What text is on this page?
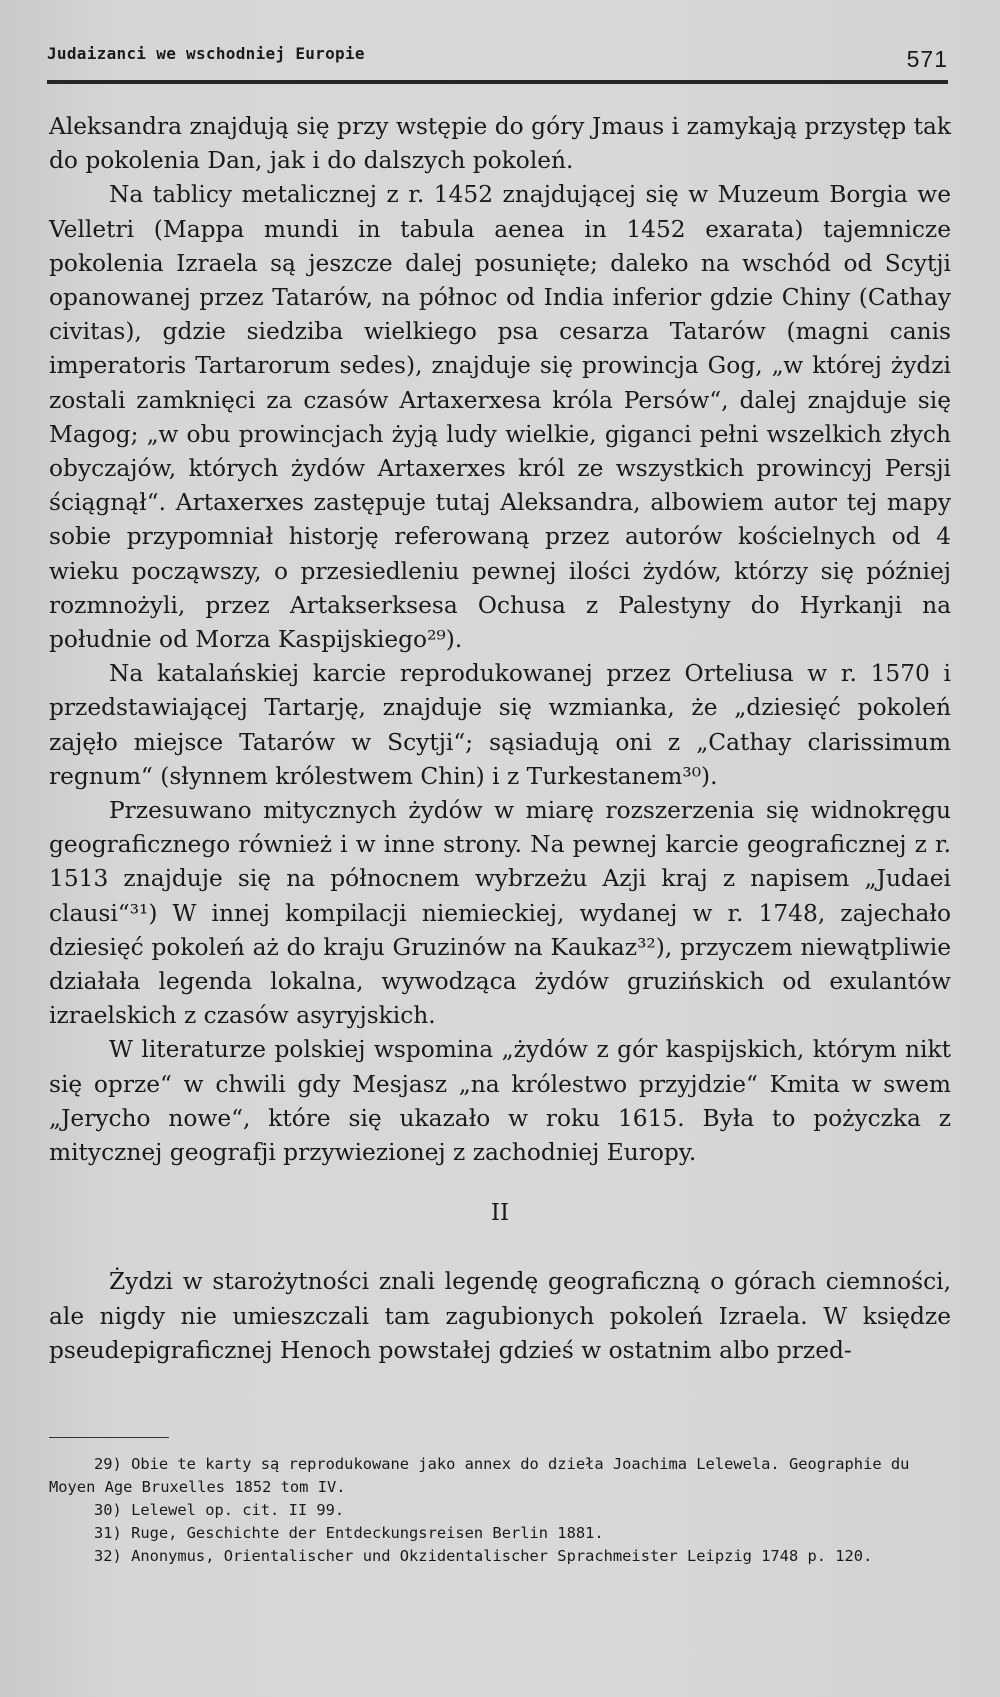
Judaizanci we wschodniej Europie	571

Aleksandra znajdują się przy wstępie do góry Jmaus i zamykają przystęp tak do pokolenia Dan, jak i do dalszych pokoleń.

Na tablicy metalicznej z r. 1452 znajdującej się w Muzeum Borgia we Velletri (Mappa mundi in tabula aenea in 1452 exarata) tajemnicze pokolenia Izraela są jeszcze dalej posunięte; daleko na wschód od Scytji opanowanej przez Tatarów, na północ od India inferior gdzie Chiny (Cathay civitas), gdzie siedziba wielkiego psa cesarza Tatarów (magni canis imperatoris Tartarorum sedes), znajduje się prowincja Gog, „w której żydzi zostali zamknięci za czasów Artaxerxesa króla Persów“, dalej znajduje się Magog; „w obu prowincjach żyją ludy wielkie, giganci pełni wszelkich złych obyczajów, których żydów Artaxerxes król ze wszystkich prowincyj Persji ściągnął“. Artaxerxes zastępuje tutaj Aleksandra, albowiem autor tej mapy sobie przypomniał historję referowaną przez autorów kościelnych od 4 wieku począwszy, o przesiedleniu pewnej ilości żydów, którzy się później rozmnożyli, przez Artakserksesa Ochusa z Palestyny do Hyrkanji na południe od Morza Kaspijskiego²⁹).

Na katalańskiej karcie reprodukowanej przez Orteliusa w r. 1570 i przedstawiającej Tartarję, znajduje się wzmianka, że „dziesięć pokoleń zajęło miejsce Tatarów w Scytji“; sąsiadują oni z „Cathay clarissimum regnum“ (słynnem królestwem Chin) i z Turkestanem³⁰).

Przesuwano mitycznych żydów w miarę rozszerzenia się widnokręgu geograficznego również i w inne strony. Na pewnej karcie geograficznej z r. 1513 znajduje się na północnem wybrzeżu Azji kraj z napisem „Judaei clausi“³¹) W innej kompilacji niemieckiej, wydanej w r. 1748, zajechało dziesięć pokoleń aż do kraju Gruzinów na Kaukaz³²), przyczem niewątpliwie działała legenda lokalna, wywodząca żydów gruzińskich od exulantów izraelskich z czasów asyryjskich.

W literaturze polskiej wspomina „żydów z gór kaspijskich, którym nikt się oprze“ w chwili gdy Mesjasz „na królestwo przyjdzie“ Kmita w swem „Jerycho nowe“, które się ukazało w roku 1615. Była to pożyczka z mitycznej geografji przywiezionej z zachodniej Europy.

II

Żydzi w starożytności znali legendę geograficzną o górach ciemności, ale nigdy nie umieszczali tam zagubionych pokoleń Izraela. W księdze pseudepigraficznej Henoch powstałej gdzieś w ostatnim albo przed-

29) Obie te karty są reprodukowane jako annex do dzieła Joachima Lelewela. Geographie du Moyen Age Bruxelles 1852 tom IV.

30) Lelewel op. cit. II 99.

31) Ruge, Geschichte der Entdeckungsreisen Berlin 1881.

32) Anonymus, Orientalischer und Okzidentalischer Sprachmeister Leipzig 1748 p. 120.
